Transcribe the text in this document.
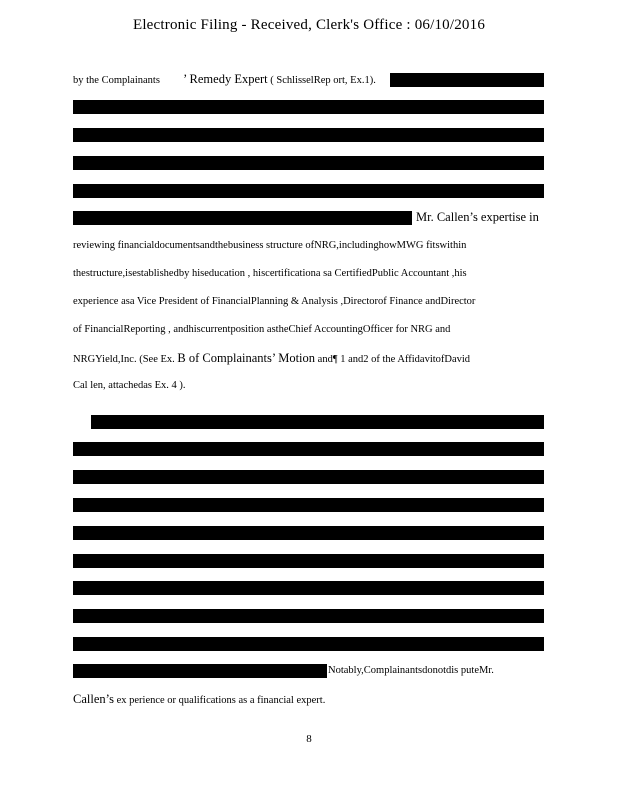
Electronic Filing - Received, Clerk's Office : 06/10/2016
by the Complainants ’ Remedy Expert ( SchlisselRep ort, Ex.1).
Mr. Callen’s expertise in
reviewing financialdocumentsandthebusiness structure ofNRG,includinghowMWG fitswithin
thestructure,isestablishedby hiseducation , hiscertificationa sa CertifiedPublic Accountant ,his
experience asa Vice President of FinancialPlanning & Analysis ,Directorof Finance andDirector
of FinancialReporting , andhiscurrentposition astheChief AccountingOfficer for NRG and
NRGYield,Inc. (See Ex. B of Complainants’ Motion and¶ 1 and2 of the AffidavitofDavid
Cal len, attachedas Ex. 4 ).
Notably,Complainantsdonotdis puteMr.
Callen’s ex perience or qualifications as a financial expert.
8
